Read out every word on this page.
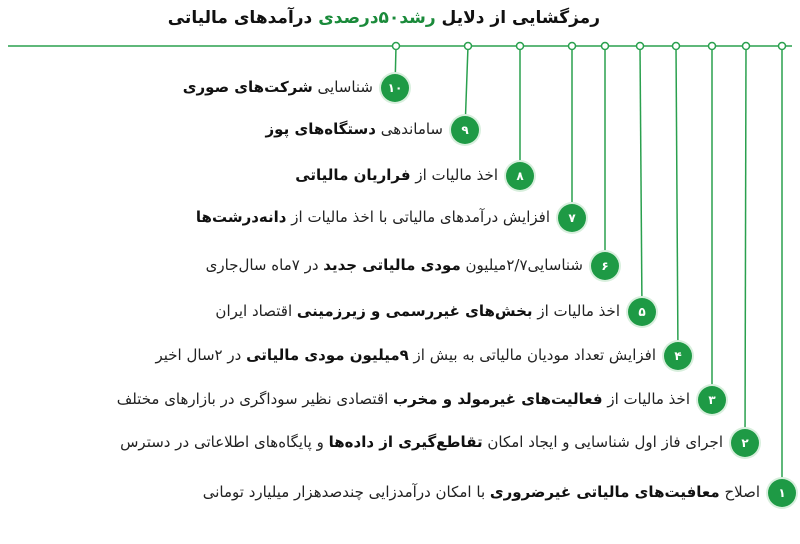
رمزگشایی از دلایل رشد۵۰درصدی درآمدهای مالیاتی
۱۰
شناسایی شرکت‌های صوری
۹
ساماندهی دستگاه‌های پوز
۸
اخذ مالیات از فراریان مالیاتی
۷
افزایش درآمدهای مالیاتی با اخذ مالیات از دانه‌درشت‌ها
۶
شناسایی۲/۷میلیون مودی مالیاتی جدید در ۷ماه سال‌جاری
۵
اخذ مالیات از بخش‌های غیررسمی و زیرزمینی اقتصاد ایران
۴
افزایش تعداد مودیان مالیاتی به بیش از ۹میلیون مودی مالیاتی در ۲سال اخیر
۳
اخذ مالیات از فعالیت‌های غیرمولد و مخرب اقتصادی نظیر سوداگری در بازارهای مختلف
۲
اجرای فاز اول شناسایی و ایجاد امکان تقاطع‌گیری از داده‌ها و پایگاه‌های اطلاعاتی در دسترس
۱
اصلاح معافیت‌های مالیاتی غیرضروری با امکان درآمدزایی چندصدهزار میلیارد تومانی
